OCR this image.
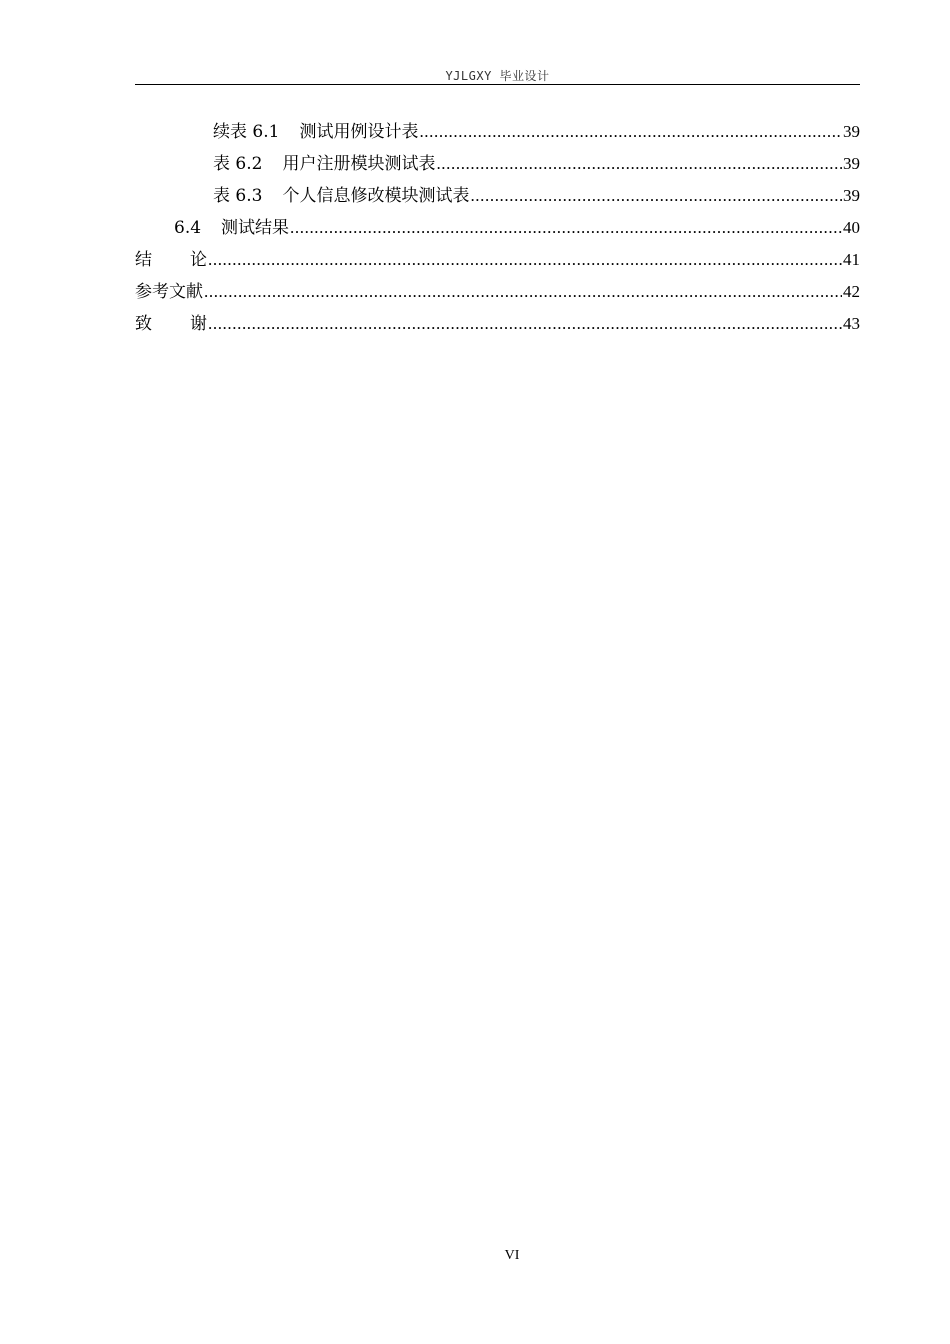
YJLGXY 毕业设计
续表 6.1 测试用例设计表 .....	39
表 6.2 用户注册模块测试表 .....	39
表 6.3 个人信息修改模块测试表 .....	39
6.4 测试结果 .....	40
结论 .....	41
参考文献 .....	42
致谢 .....	43
VI
